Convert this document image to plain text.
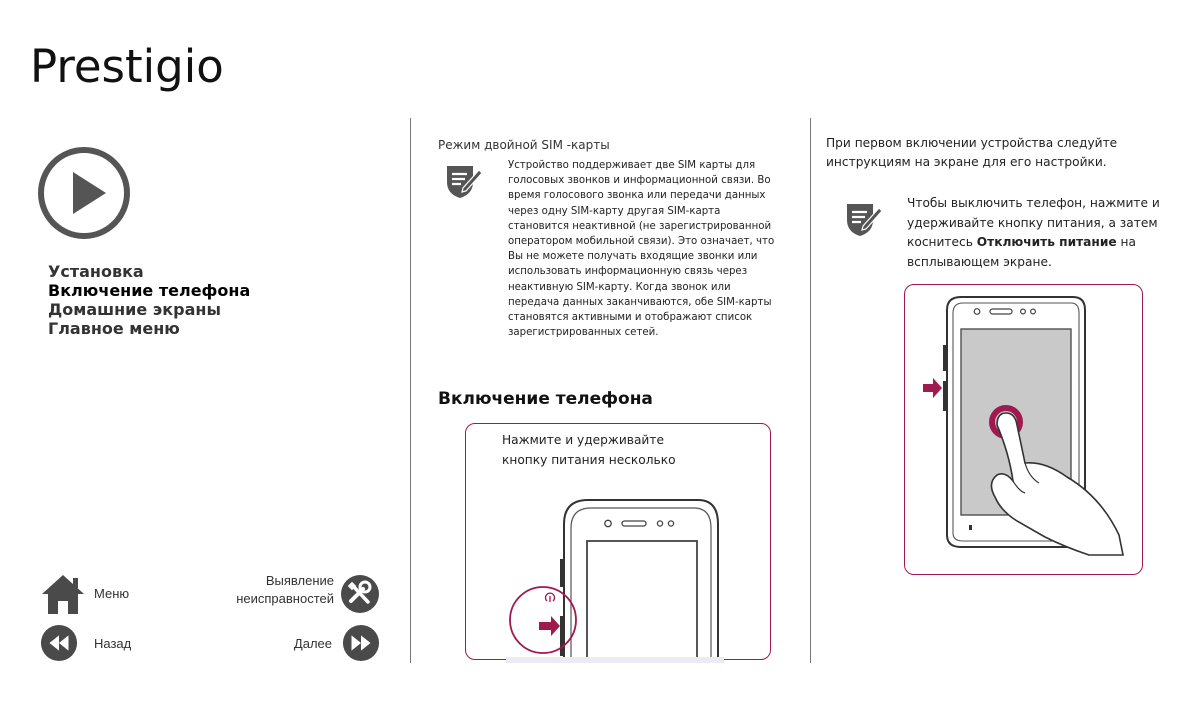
Prestigio
Установка
Включение телефона
Домашние экраны
Главное меню
Меню
Выявление
неисправностей
Назад	Далее
Режим двойной SIM -карты
Устройство поддерживает две SIM карты для голосовых звонков и информационной связи. Во время голосового звонка или передачи данных через одну SIM-карту другая SIM-карта становится неактивной (не зарегистрированной оператором мобильной связи). Это означает, что Вы не можете получать входящие звонки или использовать информационную связь через неактивную SIM-карту. Когда звонок или передача данных заканчиваются, обе SIM-карты становятся активными и отображают список зарегистрированных сетей.
Включение телефона
Нажмите и удерживайте
кнопку питания несколько
При первом включении устройства следуйте инструкциям на экране для его настройки.
Чтобы выключить телефон, нажмите и удерживайте кнопку питания, а затем коснитесь Отключить питание на всплывающем экране.
